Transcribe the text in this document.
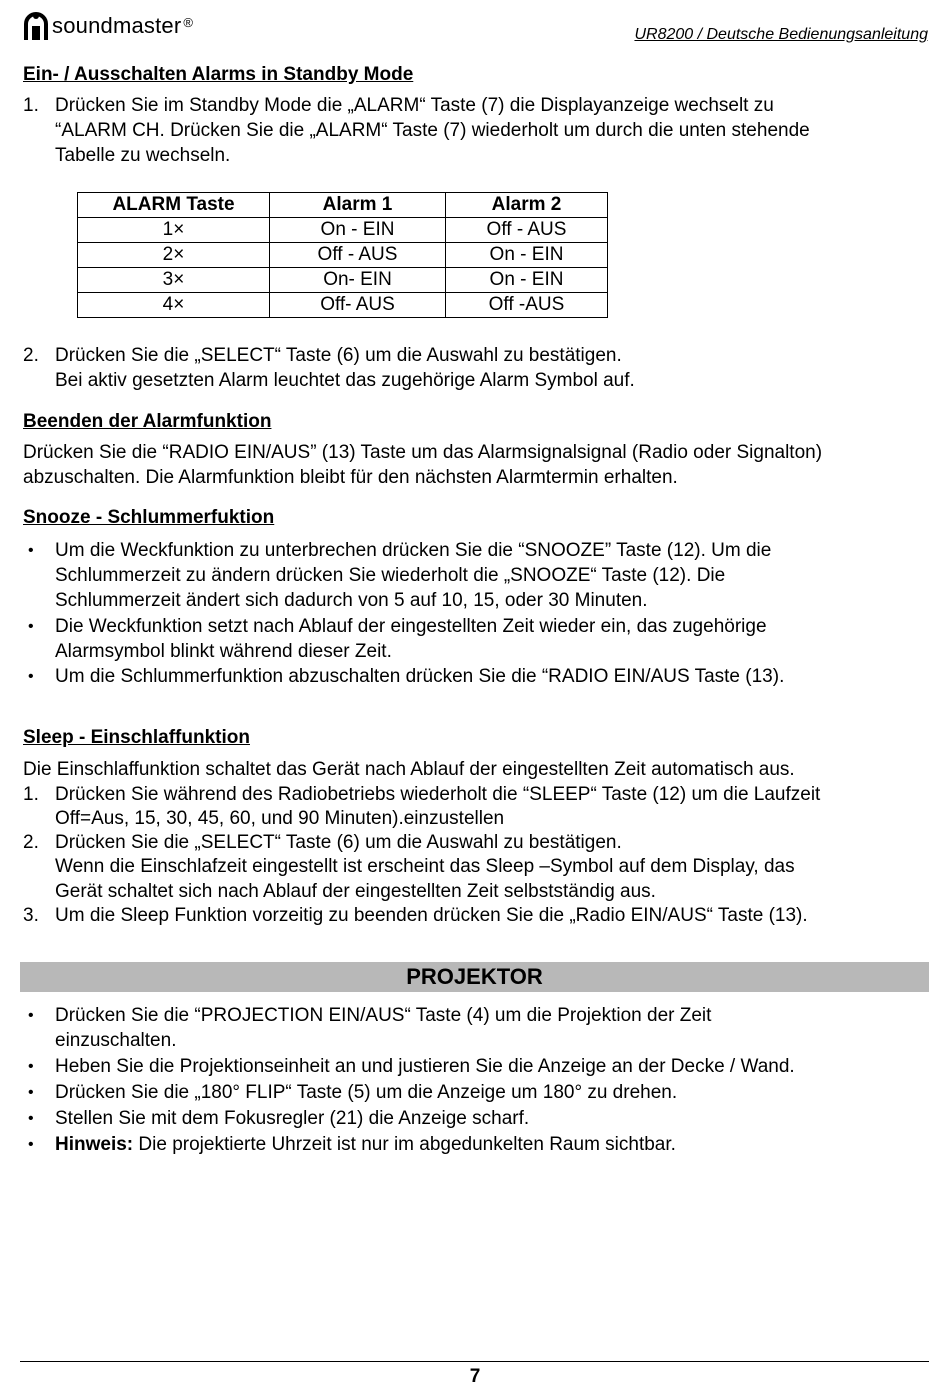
soundmaster ®
UR8200 / Deutsche Bedienungsanleitung
Ein- / Ausschalten Alarms in Standby Mode
1. Drücken Sie im Standby Mode die „ALARM“ Taste (7) die Displayanzeige wechselt zu
“ALARM CH. Drücken Sie die „ALARM“ Taste (7) wiederholt um durch die unten stehende
Tabelle zu wechseln.
ALARM Taste	Alarm 1	Alarm 2
1×	On - EIN	Off - AUS
2×	Off - AUS	On - EIN
3×	On- EIN	On - EIN
4×	Off- AUS	Off -AUS
2. Drücken Sie die „SELECT“ Taste (6) um die Auswahl zu bestätigen.
Bei aktiv gesetzten Alarm leuchtet das zugehörige Alarm Symbol auf.
Beenden der Alarmfunktion
Drücken Sie die “RADIO EIN/AUS” (13) Taste um das Alarmsignalsignal (Radio oder Signalton)
abzuschalten. Die Alarmfunktion bleibt für den nächsten Alarmtermin erhalten.
Snooze - Schlummerfuktion
• Um die Weckfunktion zu unterbrechen drücken Sie die “SNOOZE” Taste (12). Um die
Schlummerzeit zu ändern drücken Sie wiederholt die „SNOOZE“ Taste (12). Die
Schlummerzeit ändert sich dadurch von 5 auf 10, 15, oder 30 Minuten.
• Die Weckfunktion setzt nach Ablauf der eingestellten Zeit wieder ein, das zugehörige
Alarmsymbol blinkt während dieser Zeit.
• Um die Schlummerfunktion abzuschalten drücken Sie die “RADIO EIN/AUS Taste (13).
Sleep - Einschlaffunktion
Die Einschlaffunktion schaltet das Gerät nach Ablauf der eingestellten Zeit automatisch aus.
1. Drücken Sie während des Radiobetriebs wiederholt die “SLEEP“ Taste (12) um die Laufzeit
Off=Aus, 15, 30, 45, 60, und 90 Minuten).einzustellen
2. Drücken Sie die „SELECT“ Taste (6) um die Auswahl zu bestätigen.
Wenn die Einschlafzeit eingestellt ist erscheint das Sleep –Symbol auf dem Display, das
Gerät schaltet sich nach Ablauf der eingestellten Zeit selbstständig aus.
3. Um die Sleep Funktion vorzeitig zu beenden drücken Sie die „Radio EIN/AUS“ Taste (13).
PROJEKTOR
• Drücken Sie die “PROJECTION EIN/AUS“ Taste (4) um die Projektion der Zeit
einzuschalten.
• Heben Sie die Projektionseinheit an und justieren Sie die Anzeige an der Decke / Wand.
• Drücken Sie die „180° FLIP“ Taste (5) um die Anzeige um 180° zu drehen.
• Stellen Sie mit dem Fokusregler (21) die Anzeige scharf.
• Hinweis: Die projektierte Uhrzeit ist nur im abgedunkelten Raum sichtbar.
7
